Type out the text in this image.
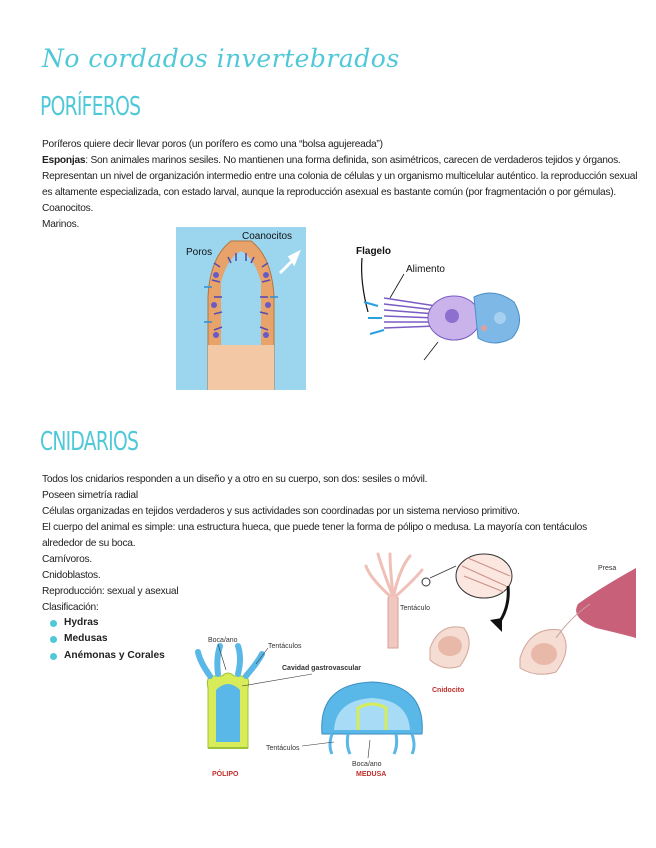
No cordados invertebrados
PORÍFEROS
Poríferos quiere decir llevar poros (un porífero es como una “bolsa agujereada”)
Esponjas: Son animales marinos sesiles. No mantienen una forma definida, son asimétricos, carecen de verdaderos tejidos y órganos.
Representan un nivel de organización intermedio entre una colonia de células y un organismo multicelular auténtico. la reproducción sexual
es altamente especializada, con estado larval, aunque la reproducción asexual es bastante común (por fragmentación o por gémulas).
Coanocitos.
Marinos.
Poros
Coanocitos
Flagelo
Alimento
CNIDARIOS
Todos los cnidarios responden a un diseño y a otro en su cuerpo, son dos: sesiles o móvil.
Poseen simetría radial
Células organizadas en tejidos verdaderos y sus actividades son coordinadas por un sistema nervioso primitivo.
El cuerpo del animal es simple: una estructura hueca, que puede tener la forma de pólipo o medusa. La mayoría con tentáculos
alrededor de su boca.
Carnívoros.
Cnidoblastos.
Reproducción: sexual y asexual
Clasificación:
Hydras
Medusas
Anémonas y Corales
Tentáculo
Presa
Cnidocito
Boca/ano
Tentáculos
Cavidad gastrovascular
Tentáculos
Boca/ano
PÓLIPO	MEDUSA
